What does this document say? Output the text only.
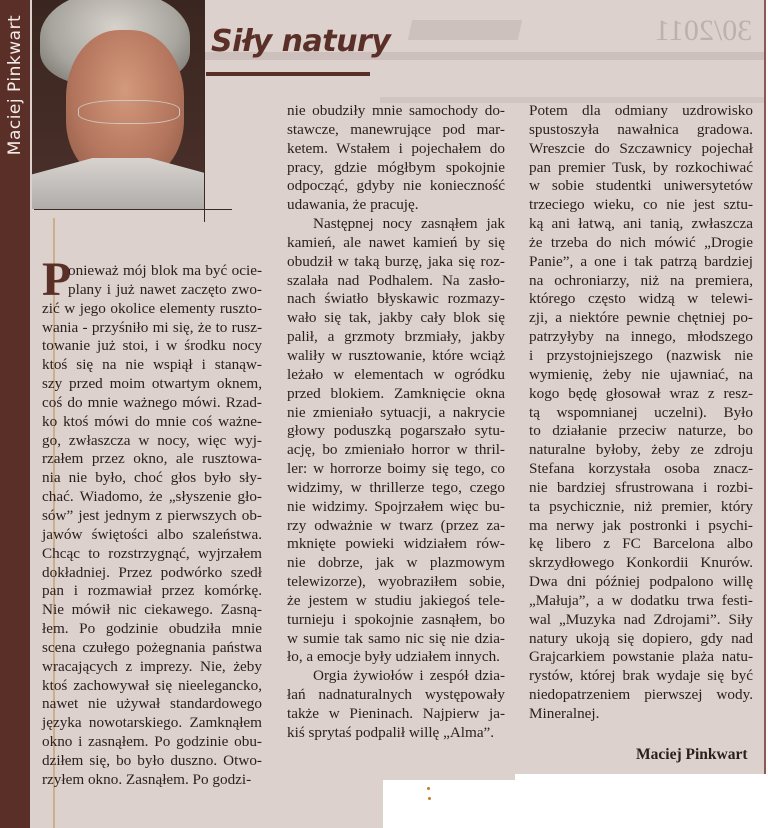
30/2011
Maciej Pinkwart	Siły natury
P
onieważ mój blok ma być ocie-
plany i już nawet zaczęto zwo-
zić w jego okolice elementy rusztо-
wania - przyśniło mi się, że to rusz-
towanie już stoi, i w środku nocy
ktoś się na nie wspiął i stanąw-
szy przed moim otwartym oknem,
coś do mnie ważnego mówi. Rzad-
ko ktoś mówi do mnie coś ważne-
go, zwłaszcza w nocy, więc wyj-
rzałem przez okno, ale rusztowa-
nia nie było, choć głos było sły-
chać. Wiadomo, że „słyszenie gło-
sów” jest jednym z pierwszych ob-
jawów świętości albo szaleństwa.
Chcąc to rozstrzygnąć, wyjrzałem
dokładniej. Przez podwórko szedł
pan i rozmawiał przez komórkę.
Nie mówił nic ciekawego. Zasną-
łem. Po godzinie obudziła mnie
scena czułego pożegnania państwa
wracających z imprezy. Nie, żeby
ktoś zachowywał się nieelegancko,
nawet nie używał standardowego
języka nowotarskiego. Zamknąłem
okno i zasnąłem. Po godzinie obu-
dziłem się, bo było duszno. Otwo-
rzyłem okno. Zasnąłem. Po godzi-
nie obudziły mnie samochody do-
stawcze, manewrujące pod mar-
ketem. Wstałem i pojechałem do
pracy, gdzie mógłbym spokojnie
odpocząć, gdyby nie konieczność
udawania, że pracuję.
Następnej nocy zasnąłem jak
kamień, ale nawet kamień by się
obudził w taką burzę, jaka się roz-
szalała nad Podhalem. Na zasło-
nach światło błyskawic rozmazy-
wało się tak, jakby cały blok się
palił, a grzmoty brzmiały, jakby
waliły w rusztowanie, które wciąż
leżało w elementach w ogródku
przed blokiem. Zamknięcie okna
nie zmieniało sytuacji, a nakrycie
głowy poduszką pogarszało sytu-
ację, bo zmieniało horror w thril-
ler: w horrorze boimy się tego, co
widzimy, w thrillerze tego, czego
nie widzimy. Spojrzałem więc bu-
rzy odważnie w twarz (przez za-
mknięte powieki widziałem rów-
nie dobrze, jak w plazmowym
telewizorze), wyobraziłem sobie,
że jestem w studiu jakiegoś tele-
turnieju i spokojnie zasnąłem, bo
w sumie tak samo nic się nie dzia-
ło, a emocje były udziałem innych.
Orgia żywiołów i zespół dzia-
łań nadnaturalnych występowały
także w Pieninach. Najpierw ja-
kiś sprytaś podpalił willę „Alma”.
Potem dla odmiany uzdrowisko
spustoszyła nawałnica gradowa.
Wreszcie do Szczawnicy pojechał
pan premier Tusk, by rozkochiwać
w sobie studentki uniwersytetów
trzeciego wieku, co nie jest sztu-
ką ani łatwą, ani tanią, zwłaszcza
że trzeba do nich mówić „Drogie
Panie”, a one i tak patrzą bardziej
na ochroniarzy, niż na premiera,
którego często widzą w telewi-
zji, a niektóre pewnie chętniej po-
patrzyłyby na innego, młodszego
i przystojniejszego (nazwisk nie
wymienię, żeby nie ujawniać, na
kogo będę głosował wraz z resz-
tą wspomnianej uczelni). Było
to działanie przeciw naturze, bo
naturalne byłoby, żeby ze zdroju
Stefana korzystała osoba znacz-
nie bardziej sfrustrowana i rozbi-
ta psychicznie, niż premier, który
ma nerwy jak postronki i psychi-
kę libero z FC Barcelona albo
skrzydłowego Konkordii Knurów.
Dwa dni później podpalono willę
„Małuja”, a w dodatku trwa festi-
wal „Muzyka nad Zdrojami”. Siły
natury ukoją się dopiero, gdy nad
Grajcarkiem powstanie plaża natu-
rystów, której brak wydaje się być
niedopatrzeniem pierwszej wody.
Mineralnej.
Maciej Pinkwart
